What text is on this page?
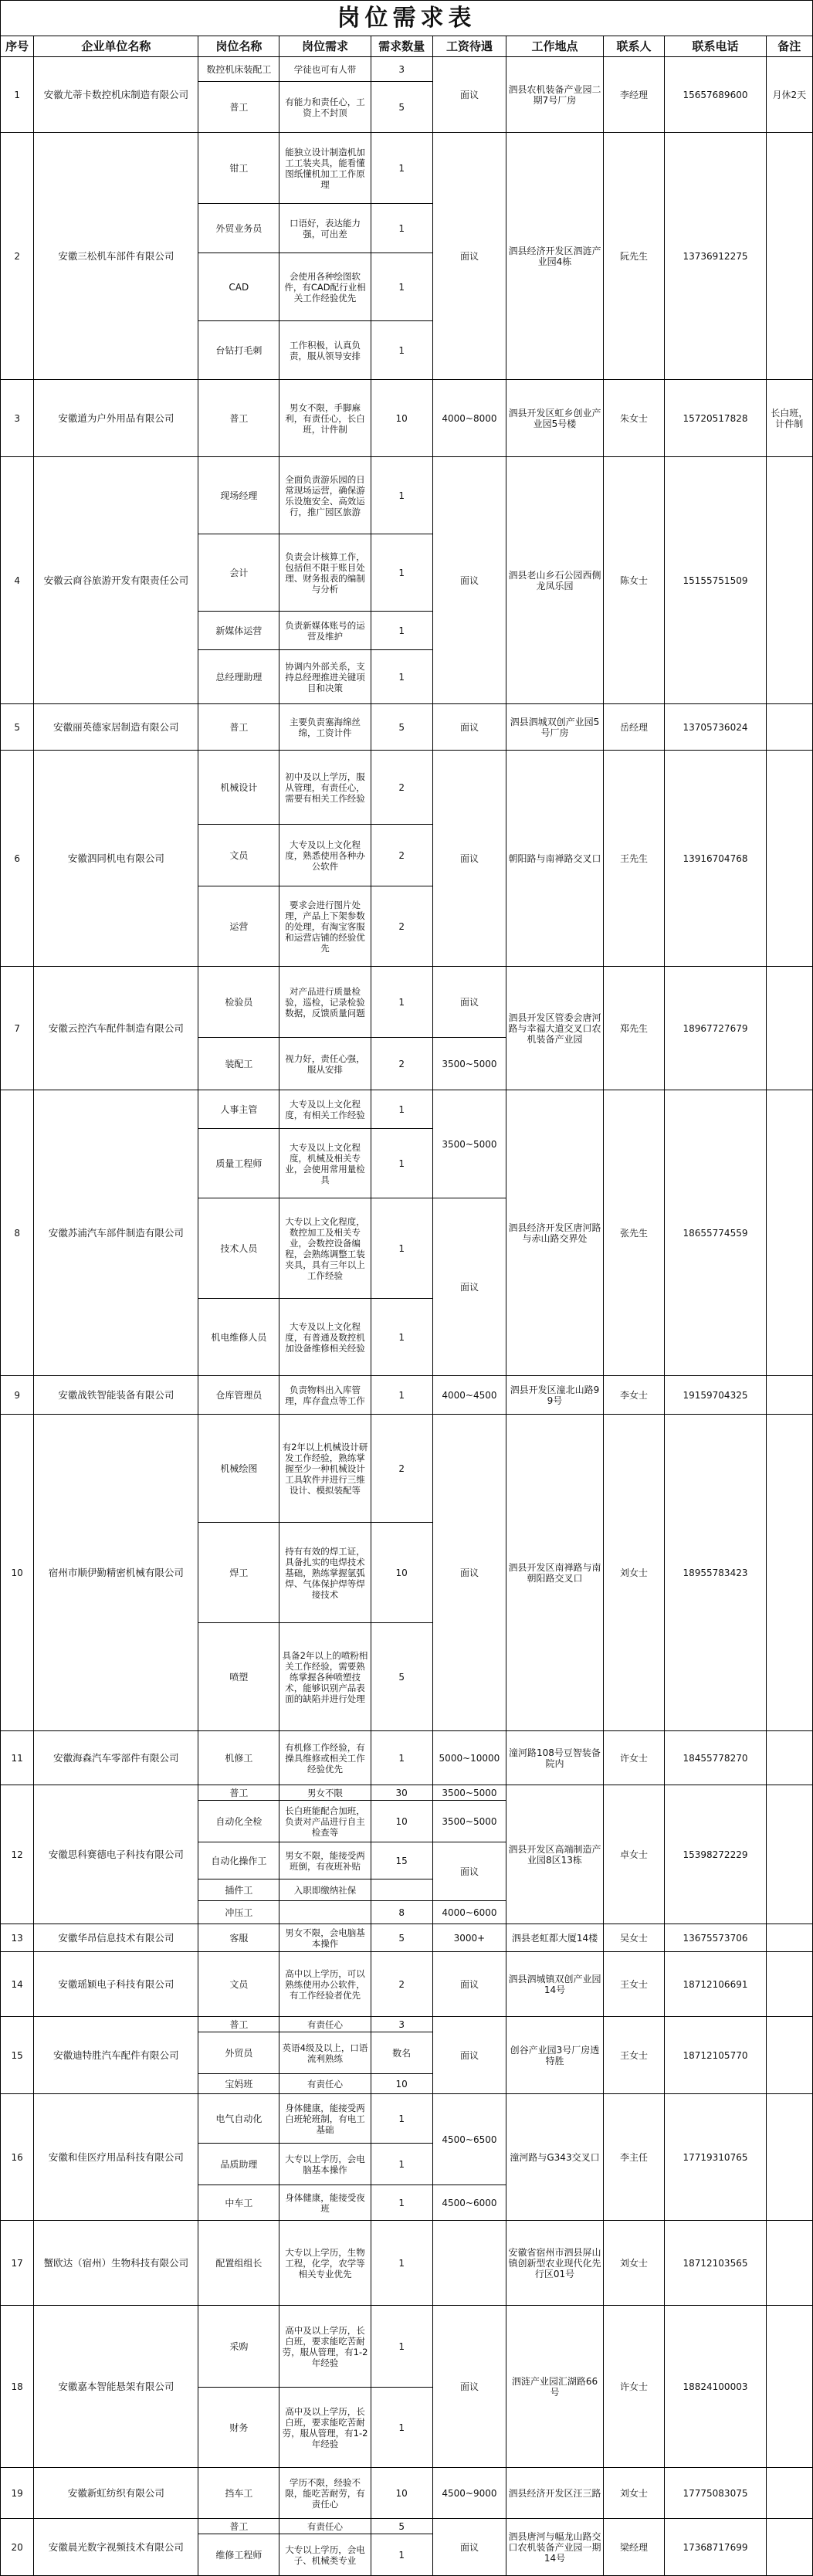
岗位需求表
序号	企业单位名称	岗位名称	岗位需求	需求数量	工资待遇	工作地点	联系人	联系电话	备注
1	安徽尤蒂卡数控机床制造有限公司	数控机床装配工	学徒也可有人带	3	面议	泗县农机装备产业园二期7号厂房	李经理	15657689600	月休2天
		普工	有能力和责任心，工资上不封顶	5					
2	安徽三松机车部件有限公司	钳工	能独立设计制造机加工工装夹具，能看懂图纸懂机加工工作原理	1	面议	泗县经济开发区泗涟产业园4栋	阮先生	13736912275	
		外贸业务员	口语好，表达能力强，可出差	1					
		CAD	会使用各种绘图软件，有CAD配行业相关工作经验优先	1					
		台钻打毛刺	工作积极，认真负责，服从领导安排	1					
3	安徽道为户外用品有限公司	普工	男女不限，手脚麻利，有责任心，长白班，计件制	10	4000~8000	泗县开发区虹乡创业产业园5号楼	朱女士	15720517828	长白班，计件制
4	安徽云商谷旅游开发有限责任公司	现场经理	全面负责游乐园的日常现场运营，确保游乐设施安全、高效运行，推广园区旅游	1	面议	泗县老山乡石公园西侧龙凤乐园	陈女士	15155751509	
		会计	负责会计核算工作，包括但不限于账目处理、财务报表的编制与分析	1					
		新媒体运营	负责新媒体账号的运营及维护	1					
		总经理助理	协调内外部关系，支持总经理推进关键项目和决策	1					
5	安徽丽英德家居制造有限公司	普工	主要负责塞海绵丝绵，工资计件	5	面议	泗县泗城双创产业园5号厂房	岳经理	13705736024	
6	安徽泗同机电有限公司	机械设计	初中及以上学历，服从管理，有责任心，需要有相关工作经验	2	面议	朝阳路与南禅路交叉口	王先生	13916704768	
		文员	大专及以上文化程度，熟悉使用各种办公软件	2					
		运营	要求会进行图片处理，产品上下架参数的处理，有淘宝客服和运营店铺的经验优先	2					
7	安徽云控汽车配件制造有限公司	检验员	对产品进行质量检验，巡检，记录检验数据，反馈质量问题	1	面议	泗县开发区管委会唐河路与幸福大道交叉口农机装备产业园	郑先生	18967727679	
		装配工	视力好，责任心强，服从安排	2	3500~5000				
8	安徽苏浦汽车部件制造有限公司	人事主管	大专及以上文化程度，有相关工作经验	1	3500~5000	泗县经济开发区唐河路与赤山路交界处	张先生	18655774559	
		质量工程师	大专及以上文化程度，机械及相关专业，会使用常用量检具	1					
		技术人员	大专以上文化程度，数控加工及相关专业，会数控设备编程，会熟练调整工装夹具，具有三年以上工作经验	1	面议				
		机电维修人员	大专及以上文化程度，有普通及数控机加设备维修相关经验	1					
9	安徽战铁智能装备有限公司	仓库管理员	负责物料出入库管理，库存盘点等工作	1	4000~4500	泗县开发区潼北山路99号	李女士	19159704325	
10	宿州市顺伊勤精密机械有限公司	机械绘图	有2年以上机械设计研发工作经验，熟练掌握至少一种机械设计工具软件并进行三维设计、模拟装配等	2	面议	泗县开发区南禅路与南朝阳路交叉口	刘女士	18955783423	
		焊工	持有有效的焊工证，具备扎实的电焊技术基础，熟练掌握氩弧焊、气体保护焊等焊接技术	10					
		喷塑	具备2年以上的喷粉相关工作经验，需要熟练掌握各种喷塑技术，能够识别产品表面的缺陷并进行处理	5					
11	安徽海森汽车零部件有限公司	机修工	有机修工作经验，有操具维修或相关工作经验优先	1	5000~10000	潼河路108号豆智装备院内	许女士	18455778270	
12	安徽思科赛德电子科技有限公司	普工	男女不限	30	3500~5000	泗县开发区高端制造产业园8区13栋	卓女士	15398272229	
		自动化全检	长白班能配合加班，负责对产品进行自主检查等	10	3500~5000				
		自动化操作工	男女不限，能接受两班倒，有夜班补贴	15	面议				
		插件工	入职即缴纳社保						
		冲压工		8	4000~6000				
13	安徽华昂信息技术有限公司	客服	男女不限，会电脑基本操作	5	3000+	泗县老虹都大厦14楼	吴女士	13675573706	
14	安徽瑶颖电子科技有限公司	文员	高中以上学历，可以熟练使用办公软件，有工作经验者优先	2	面议	泗县泗城镇双创产业园14号	王女士	18712106691	
15	安徽迪特胜汽车配件有限公司	普工	有责任心	3	面议	创谷产业园3号厂房透特胜	王女士	18712105770	
		外贸员	英语4级及以上，口语流利熟练	数名					
		宝妈班	有责任心	10					
16	安徽和佳医疗用品科技有限公司	电气自动化	身体健康，能接受两白班轮班制，有电工基础	1	4500~6500	潼河路与G343交叉口	李主任	17719310765	
		品质助理	大专以上学历，会电脑基本操作	1					
		中车工	身体健康，能接受夜班	1	4500~6000				
17	蟹欧达（宿州）生物科技有限公司	配置组组长	大专以上学历，生物工程，化学，农学等相关专业优先	1		安徽省宿州市泗县屏山镇创新型农业现代化先行区01号	刘女士	18712103565	
18	安徽嘉本智能悬架有限公司	采购	高中及以上学历，长白班，要求能吃苦耐劳，服从管理，有1-2年经验	1	面议	泗涟产业园汇湖路66号	许女士	18824100003	
		财务	高中及以上学历，长白班，要求能吃苦耐劳，服从管理，有1-2年经验	1					
19	安徽新虹纺织有限公司	挡车工	学历不限，经验不限，能吃苦耐劳，有责任心	10	4500~9000	泗县经济开发区汪三路	刘女士	17775083075	
20	安徽晨光数字视频技术有限公司	普工	有责任心	5	面议	泗县唐河与幅龙山路交口农机装备产业园一期14号	梁经理	17368717699	
		维修工程师	大专以上学历，会电子、机械类专业	1					
